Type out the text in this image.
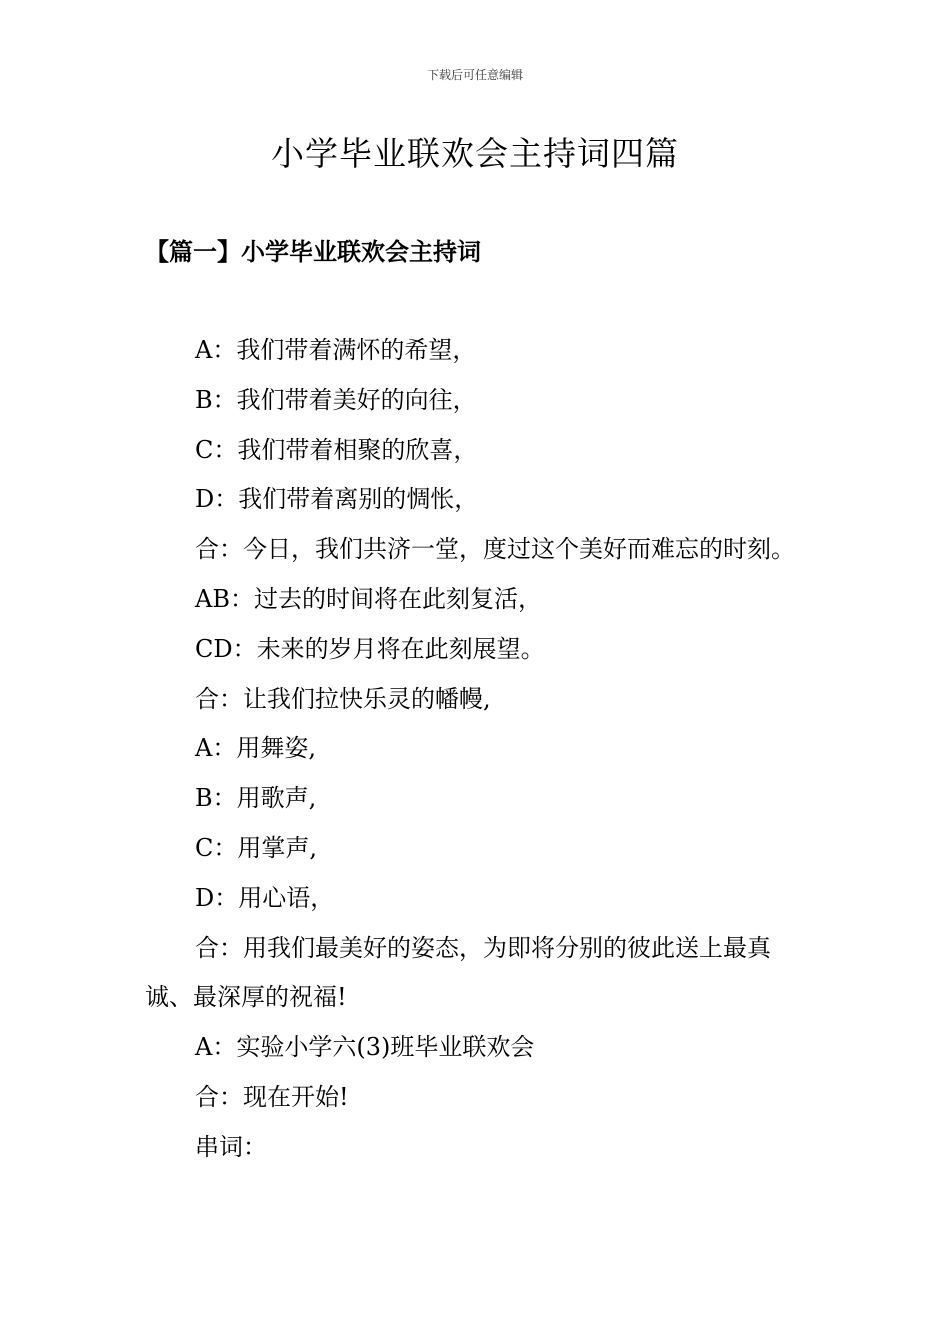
下载后可任意编辑
小学毕业联欢会主持词四篇
【篇一】小学毕业联欢会主持词

A：我们带着满怀的希望，

B：我们带着美好的向往，

C：我们带着相聚的欣喜，

D：我们带着离别的惆怅，

合：今日，我们共济一堂，度过这个美好而难忘的时刻。

AB：过去的时间将在此刻复活，

CD：未来的岁月将在此刻展望。

合：让我们拉快乐灵的幡幔,

A：用舞姿,

B：用歌声,

C：用掌声,

D：用心语，

合：用我们最美好的姿态，为即将分别的彼此送上最真诚、最深厚的祝福!

A：实验小学六(3)班毕业联欢会

合：现在开始!

串词：
